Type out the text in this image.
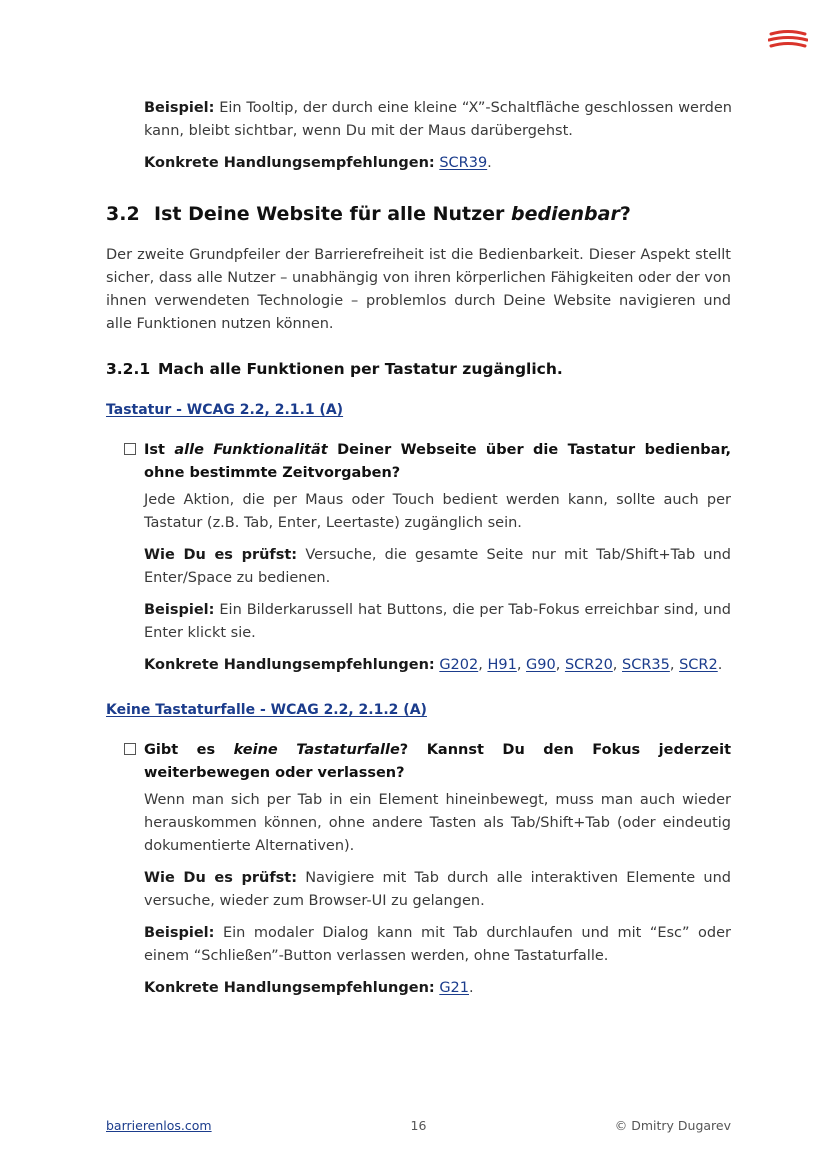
Beispiel: Ein Tooltip, der durch eine kleine “X”-Schaltfläche geschlossen werden kann, bleibt sichtbar, wenn Du mit der Maus darübergehst.

Konkrete Handlungsempfehlungen: SCR39.

3.2 Ist Deine Website für alle Nutzer bedienbar?

Der zweite Grundpfeiler der Barrierefreiheit ist die Bedienbarkeit. Dieser Aspekt stellt sicher, dass alle Nutzer – unabhängig von ihren körperlichen Fähigkeiten oder der von ihnen verwendeten Technologie – problemlos durch Deine Website navigieren und alle Funktionen nutzen können.

3.2.1 Mach alle Funktionen per Tastatur zugänglich.

Tastatur - WCAG 2.2, 2.1.1 (A)

Ist alle Funktionalität Deiner Webseite über die Tastatur bedienbar, ohne bestimmte Zeitvorgaben?

Jede Aktion, die per Maus oder Touch bedient werden kann, sollte auch per Tastatur (z.B. Tab, Enter, Leertaste) zugänglich sein.

Wie Du es prüfst: Versuche, die gesamte Seite nur mit Tab/Shift+Tab und Enter/Space zu bedienen.

Beispiel: Ein Bilderkarussell hat Buttons, die per Tab-Fokus erreichbar sind, und Enter klickt sie.

Konkrete Handlungsempfehlungen: G202, H91, G90, SCR20, SCR35, SCR2.

Keine Tastaturfalle - WCAG 2.2, 2.1.2 (A)

Gibt es keine Tastaturfalle? Kannst Du den Fokus jederzeit weiterbewegen oder verlassen?

Wenn man sich per Tab in ein Element hineinbewegt, muss man auch wieder herauskommen können, ohne andere Tasten als Tab/Shift+Tab (oder eindeutig dokumentierte Alternativen).

Wie Du es prüfst: Navigiere mit Tab durch alle interaktiven Elemente und versuche, wieder zum Browser-UI zu gelangen.

Beispiel: Ein modaler Dialog kann mit Tab durchlaufen und mit “Esc” oder einem “Schließen”-Button verlassen werden, ohne Tastaturfalle.

Konkrete Handlungsempfehlungen: G21.

barrierenlos.com	16	© Dmitry Dugarev
